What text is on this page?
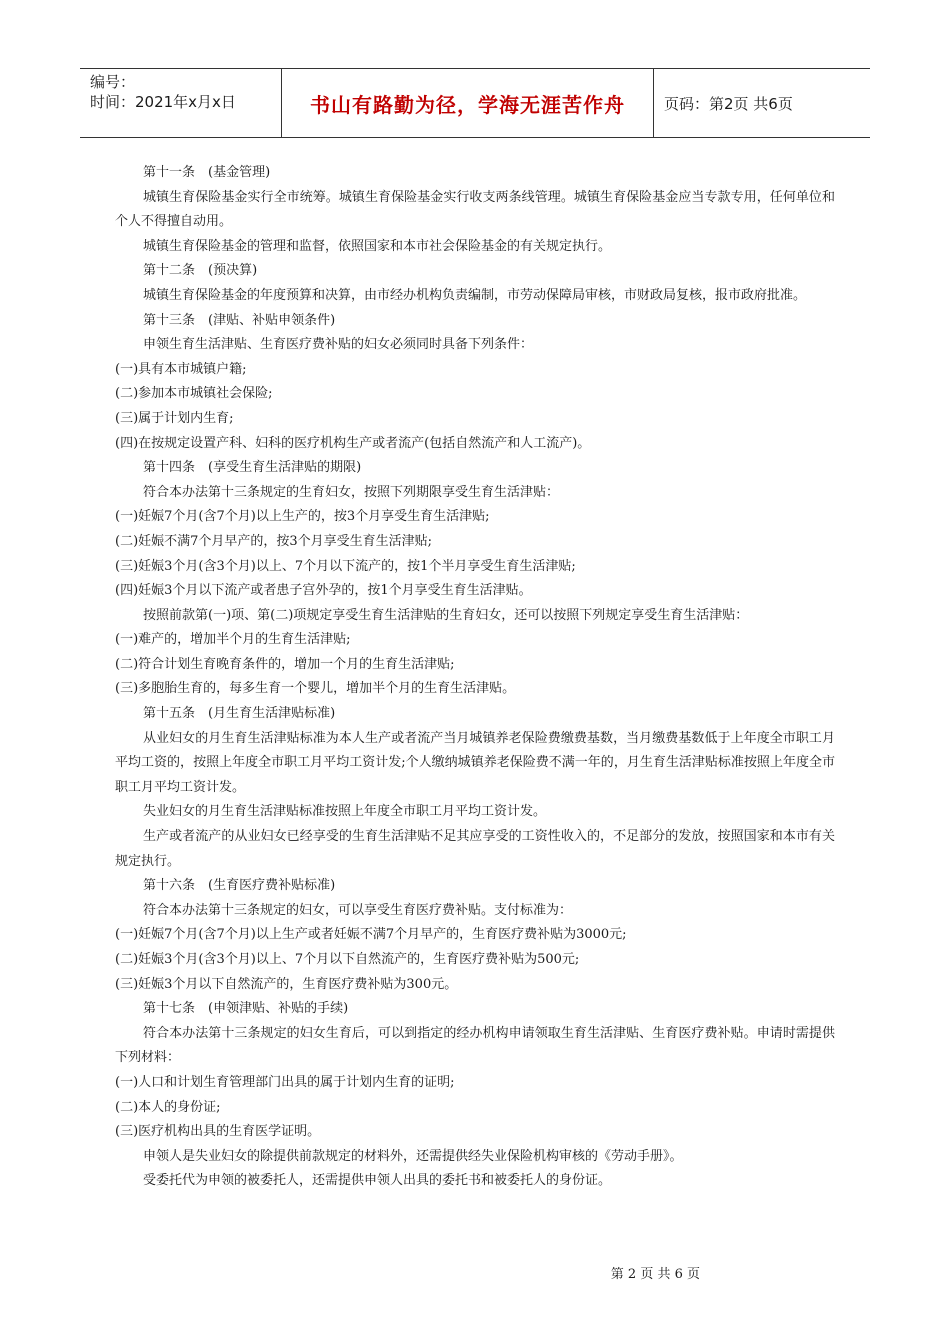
编号：
时间：2021年x月x日	书山有路勤为径，学海无涯苦作舟	页码：第2页 共6页

第十一条　(基金管理)

城镇生育保险基金实行全市统筹。城镇生育保险基金实行收支两条线管理。城镇生育保险基金应当专款专用，任何单位和个人不得擅自动用。

城镇生育保险基金的管理和监督，依照国家和本市社会保险基金的有关规定执行。

第十二条　(预决算)

城镇生育保险基金的年度预算和决算，由市经办机构负责编制，市劳动保障局审核，市财政局复核，报市政府批准。

第十三条　(津贴、补贴申领条件)

申领生育生活津贴、生育医疗费补贴的妇女必须同时具备下列条件：

(一)具有本市城镇户籍;

(二)参加本市城镇社会保险;

(三)属于计划内生育;

(四)在按规定设置产科、妇科的医疗机构生产或者流产(包括自然流产和人工流产)。

第十四条　(享受生育生活津贴的期限)

符合本办法第十三条规定的生育妇女，按照下列期限享受生育生活津贴：

(一)妊娠7个月(含7个月)以上生产的，按3个月享受生育生活津贴;

(二)妊娠不满7个月早产的，按3个月享受生育生活津贴;

(三)妊娠3个月(含3个月)以上、7个月以下流产的，按1个半月享受生育生活津贴;

(四)妊娠3个月以下流产或者患子宫外孕的，按1个月享受生育生活津贴。

按照前款第(一)项、第(二)项规定享受生育生活津贴的生育妇女，还可以按照下列规定享受生育生活津贴：

(一)难产的，增加半个月的生育生活津贴;

(二)符合计划生育晚育条件的，增加一个月的生育生活津贴;

(三)多胞胎生育的，每多生育一个婴儿，增加半个月的生育生活津贴。

第十五条　(月生育生活津贴标准)

从业妇女的月生育生活津贴标准为本人生产或者流产当月城镇养老保险费缴费基数，当月缴费基数低于上年度全市职工月平均工资的，按照上年度全市职工月平均工资计发;个人缴纳城镇养老保险费不满一年的，月生育生活津贴标准按照上年度全市职工月平均工资计发。

失业妇女的月生育生活津贴标准按照上年度全市职工月平均工资计发。

生产或者流产的从业妇女已经享受的生育生活津贴不足其应享受的工资性收入的，不足部分的发放，按照国家和本市有关规定执行。

第十六条　(生育医疗费补贴标准)

符合本办法第十三条规定的妇女，可以享受生育医疗费补贴。支付标准为：

(一)妊娠7个月(含7个月)以上生产或者妊娠不满7个月早产的，生育医疗费补贴为3000元;

(二)妊娠3个月(含3个月)以上、7个月以下自然流产的，生育医疗费补贴为500元;

(三)妊娠3个月以下自然流产的，生育医疗费补贴为300元。

第十七条　(申领津贴、补贴的手续)

符合本办法第十三条规定的妇女生育后，可以到指定的经办机构申请领取生育生活津贴、生育医疗费补贴。申请时需提供下列材料：

(一)人口和计划生育管理部门出具的属于计划内生育的证明;

(二)本人的身份证;

(三)医疗机构出具的生育医学证明。

申领人是失业妇女的除提供前款规定的材料外，还需提供经失业保险机构审核的《劳动手册》。

受委托代为申领的被委托人，还需提供申领人出具的委托书和被委托人的身份证。

第 2 页 共 6 页
